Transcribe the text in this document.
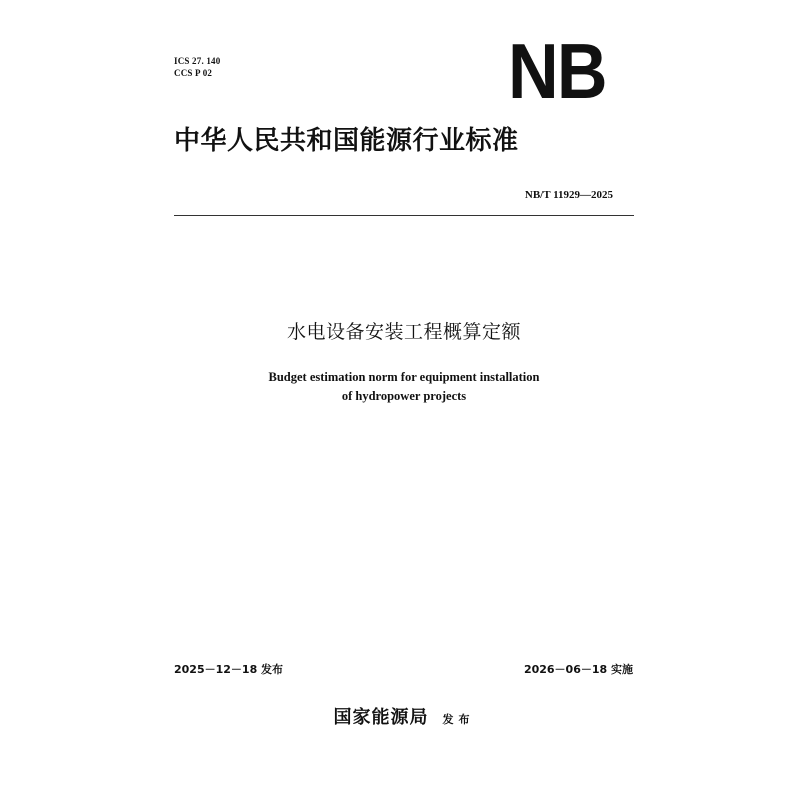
ICS 27. 140
CCS P 02	NB
中华人民共和国能源行业标准
NB/T 11929—2025
水电设备安装工程概算定额
Budget estimation norm for equipment installation
of hydropower projects
2025－12－18 发布	2026－06－18 实施
国家能源局 发布
